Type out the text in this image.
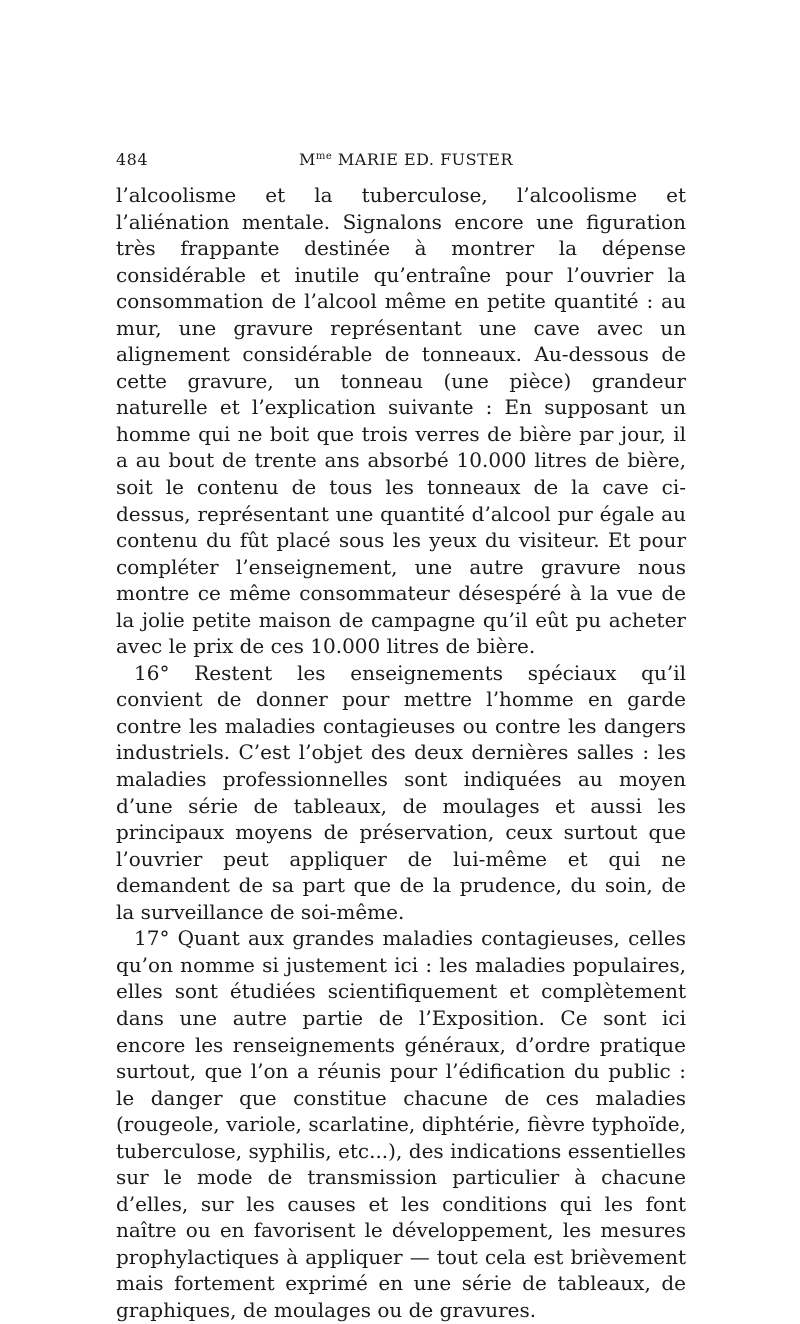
484	$M^{me}$ MARIE ED. FUSTER

l’alcoolisme et la tuberculose, l’alcoolisme et l’aliénation mentale. Signalons encore une figuration très frappante destinée à montrer la dépense considérable et inutile qu’entraîne pour l’ouvrier la consommation de l’alcool même en petite quantité : au mur, une gravure représentant une cave avec un alignement considérable de tonneaux. Au-dessous de cette gravure, un tonneau (une pièce) grandeur naturelle et l’explication suivante : En supposant un homme qui ne boit que trois verres de bière par jour, il a au bout de trente ans absorbé 10.000 litres de bière, soit le contenu de tous les tonneaux de la cave ci-dessus, représentant une quantité d’alcool pur égale au contenu du fût placé sous les yeux du visiteur. Et pour compléter l’enseignement, une autre gravure nous montre ce même consommateur désespéré à la vue de la jolie petite maison de campagne qu’il eût pu acheter avec le prix de ces 10.000 litres de bière.

16° Restent les enseignements spéciaux qu’il convient de donner pour mettre l’homme en garde contre les maladies contagieuses ou contre les dangers industriels. C’est l’objet des deux dernières salles : les maladies professionnelles sont indiquées au moyen d’une série de tableaux, de moulages et aussi les principaux moyens de préservation, ceux surtout que l’ouvrier peut appliquer de lui-même et qui ne demandent de sa part que de la prudence, du soin, de la surveillance de soi-même.

17° Quant aux grandes maladies contagieuses, celles qu’on nomme si justement ici : les maladies populaires, elles sont étudiées scientifiquement et complètement dans une autre partie de l’Exposition. Ce sont ici encore les renseignements généraux, d’ordre pratique surtout, que l’on a réunis pour l’édification du public : le danger que constitue chacune de ces maladies (rougeole, variole, scarlatine, diphtérie, fièvre typhoïde, tuberculose, syphilis, etc...), des indications essentielles sur le mode de transmission particulier à chacune d’elles, sur les causes et les conditions qui les font naître ou en favorisent le développement, les mesures prophylactiques à appliquer — tout cela est brièvement mais fortement exprimé en une série de tableaux, de graphiques, de moulages ou de gravures.
